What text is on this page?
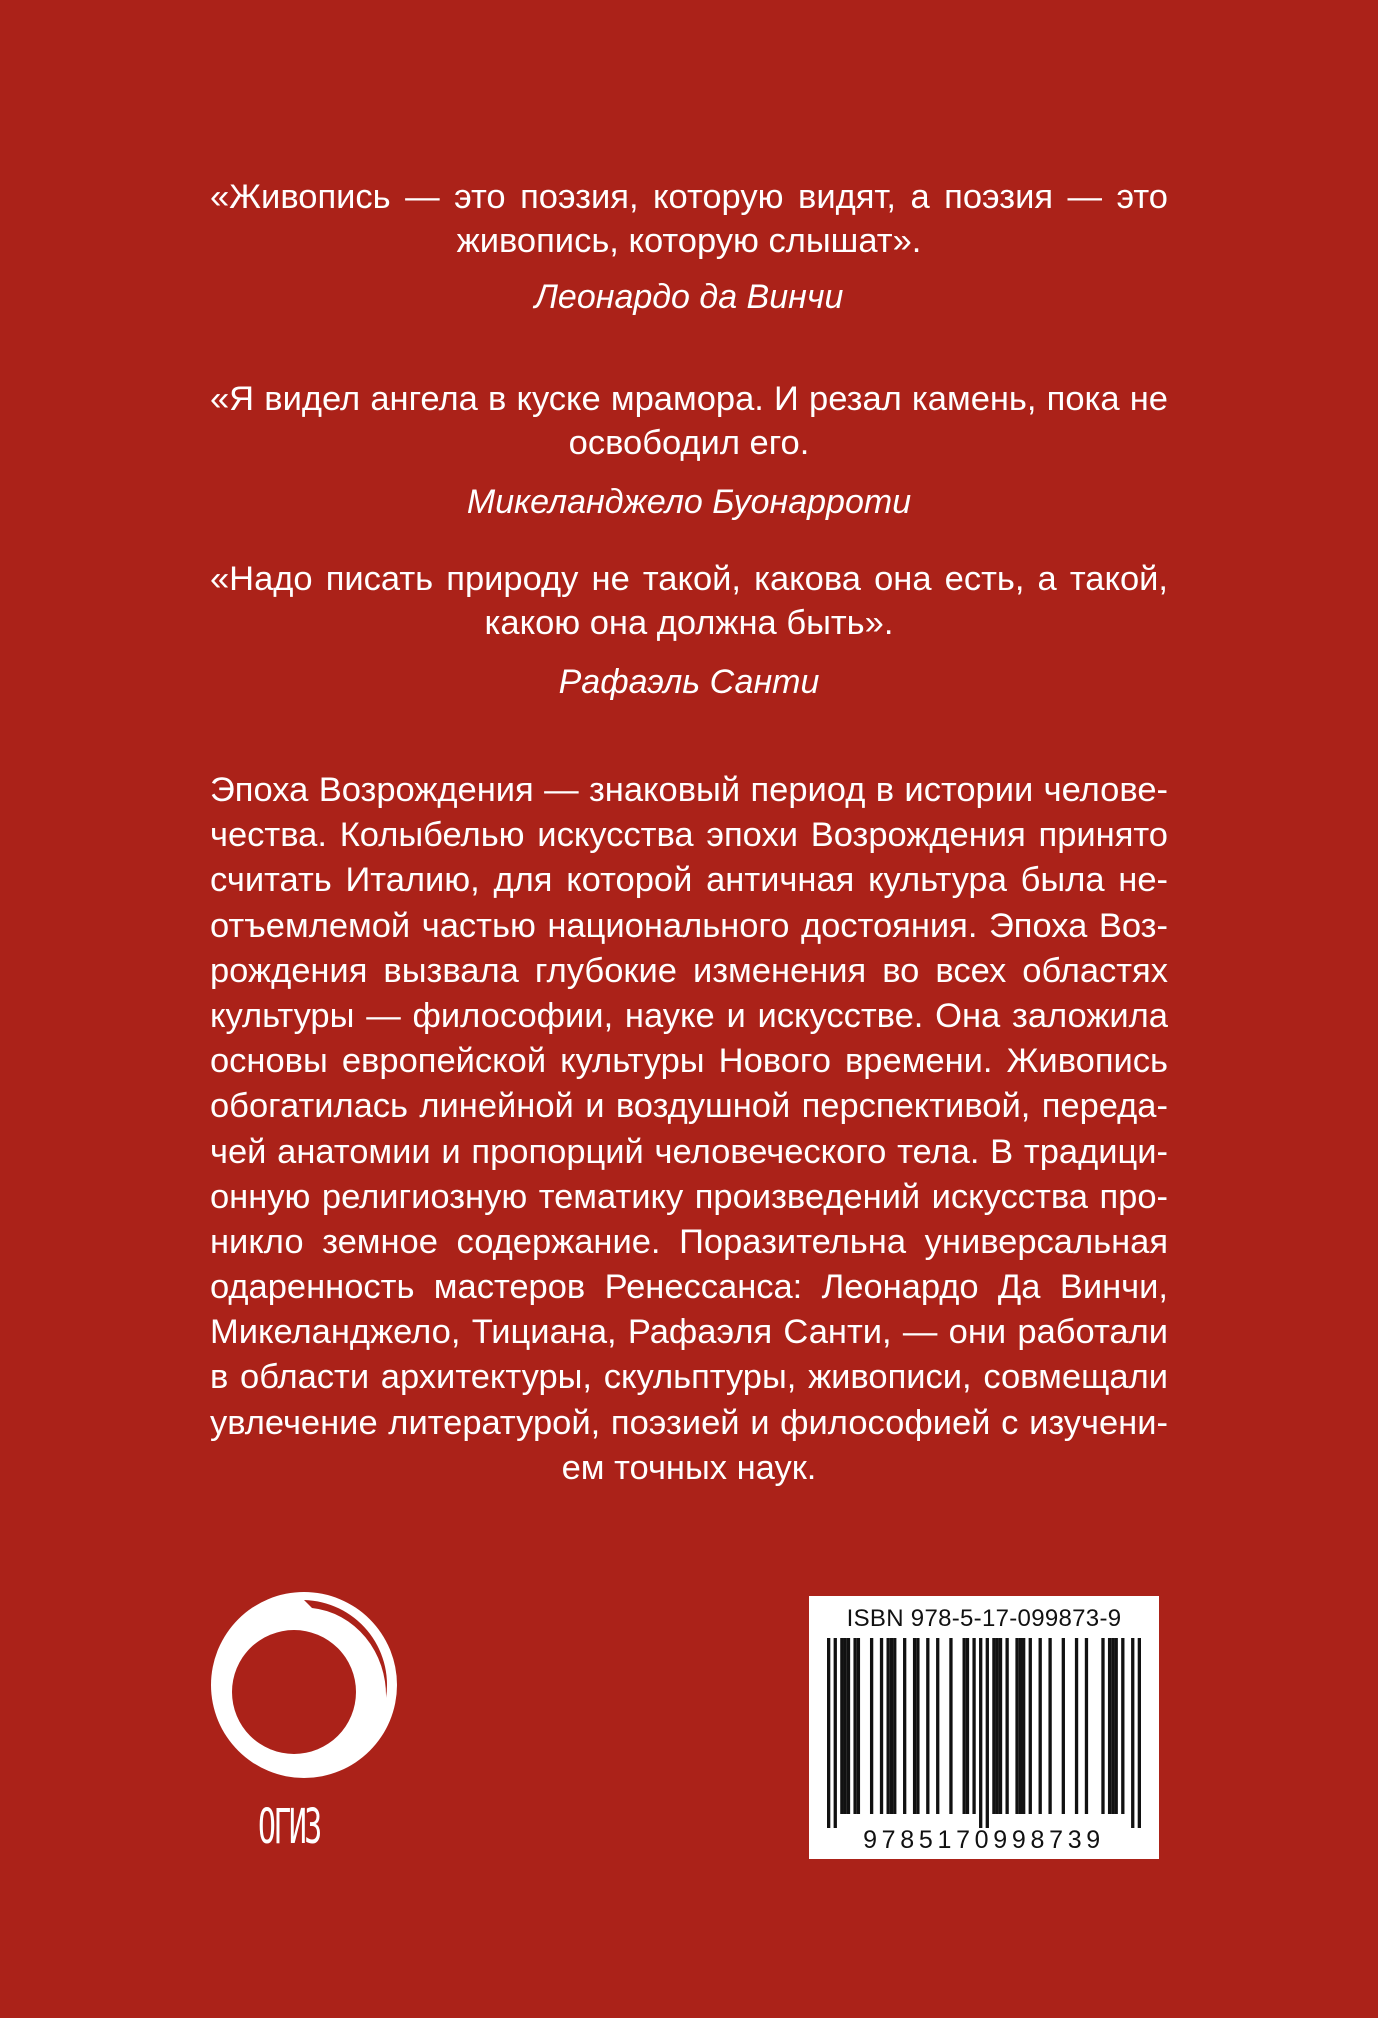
«Живопись — это поэзия, которую видят, а поэзия — это живопись, которую слышат».
Леонардо да Винчи
«Я видел ангела в куске мрамора. И резал камень, пока не освободил его.
Микеланджело Буонарроти
«Надо писать природу не такой, какова она есть, а такой, какою она должна быть».
Рафаэль Санти
Эпоха Возрождения — знаковый период в истории челове-
чества. Колыбелью искусства эпохи Возрождения принято
считать Италию, для которой античная культура была не-
отъемлемой частью национального достояния. Эпоха Воз-
рождения вызвала глубокие изменения во всех областях
культуры — философии, науке и искусстве. Она заложила
основы европейской культуры Нового времени. Живопись
обогатилась линейной и воздушной перспективой, переда-
чей анатомии и пропорций человеческого тела. В традици-
онную религиозную тематику произведений искусства про-
никло земное содержание. Поразительна универсальная
одаренность мастеров Ренессанса: Леонардо Да Винчи,
Микеланджело, Тициана, Рафаэля Санти, — они работали
в области архитектуры, скульптуры, живописи, совмещали
увлечение литературой, поэзией и философией с изучени-
ем точных наук.
ОГИЗ
ISBN 978-5-17-099873-9
9785170998739
